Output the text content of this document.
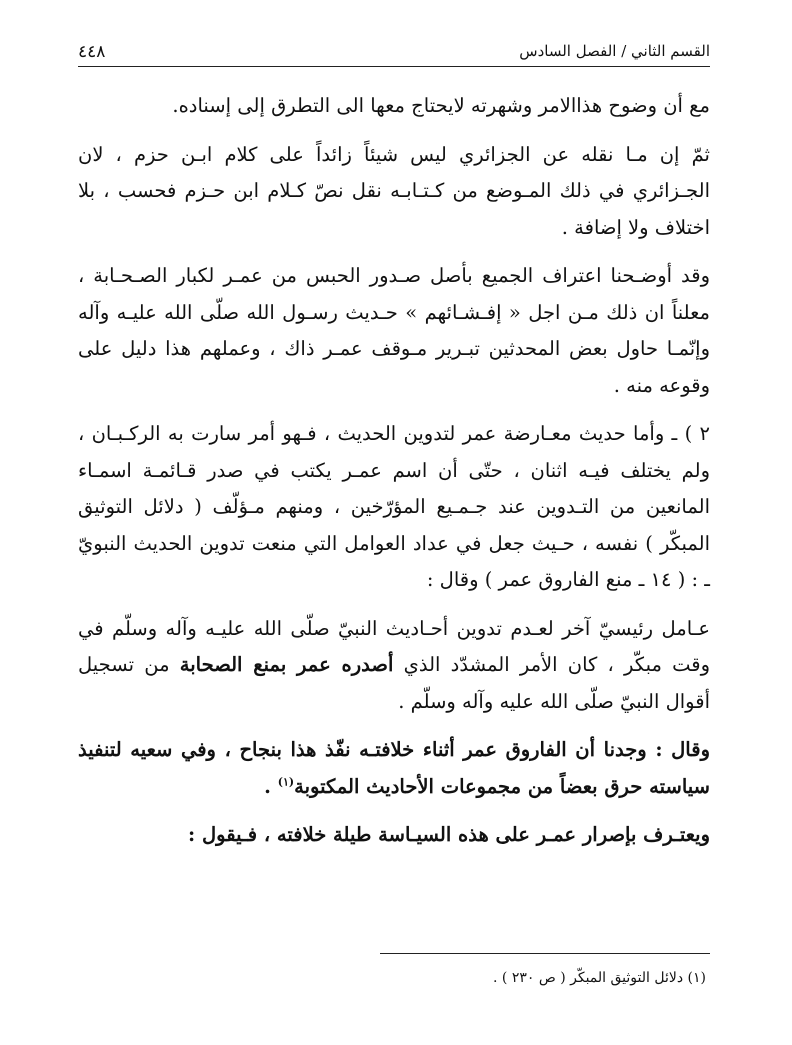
القسم الثاني / الفصل السادس
٤٤٨

مع أن وضوح هذاالامر وشهرته لايحتاج معها الى التطرق إلى إسناده.

ثمّ إن مـا نقله عن الجزائري ليس شيئاً زائداً على كلام ابـن حزم ، لان الجـزائري في ذلك المـوضع من كـتـابـه نقل نصّ كـلام ابن حـزم فحسب ، بلا اختلاف ولا إضافة .

وقد أوضـحنا اعتراف الجميع بأصل صـدور الحبس من عمـر لكبار الصـحـابة ، معلناً ان ذلك مـن اجل « إفـشـائهم » حـديث رسـول الله صلّى الله عليـه وآله وإنّمـا حاول بعض المحدثين تبـرير مـوقف عمـر ذاك ، وعملهم هذا دليل على وقوعه منه .

٢ ) ـ وأما حديث معـارضة عمر لتدوين الحديث ، فـهو أمر سارت به الركـبـان ، ولم يختلف فيـه اثنان ، حتّى أن اسم عمـر يكتب في صدر قـائمـة اسمـاء المانعين من التـدوين عند جـمـيع المؤرّخين ، ومنهم مـؤلّف ( دلائل التوثيق المبكّر ) نفسه ، حـيث جعل في عداد العوامل التي منعت تدوين الحديث النبويّ ـ : ( ١٤ ـ منع الفاروق عمر ) وقال :

عـامل رئيسيّ آخر لعـدم تدوين أحـاديث النبيّ صلّى الله عليـه وآله وسلّم في وقت مبكّر ، كان الأمر المشدّد الذي أصدره عمر بمنع الصحابة من تسجيل أقوال النبيّ صلّى الله عليه وآله وسلّم .

وقال : وجدنا أن الفاروق عمر أثناء خلافتـه نفّذ هذا بنجاح ، وفي سعيه لتنفيذ سياسته حرق بعضاً من مجموعات الأحاديث المكتوبة$^{(١)}$ .

ويعتـرف بإصرار عمـر على هذه السيـاسة طيلة خلافته ، فـيقول :

(١) دلائل التوثيق المبكّر ( ص ٢٣٠ ) .
